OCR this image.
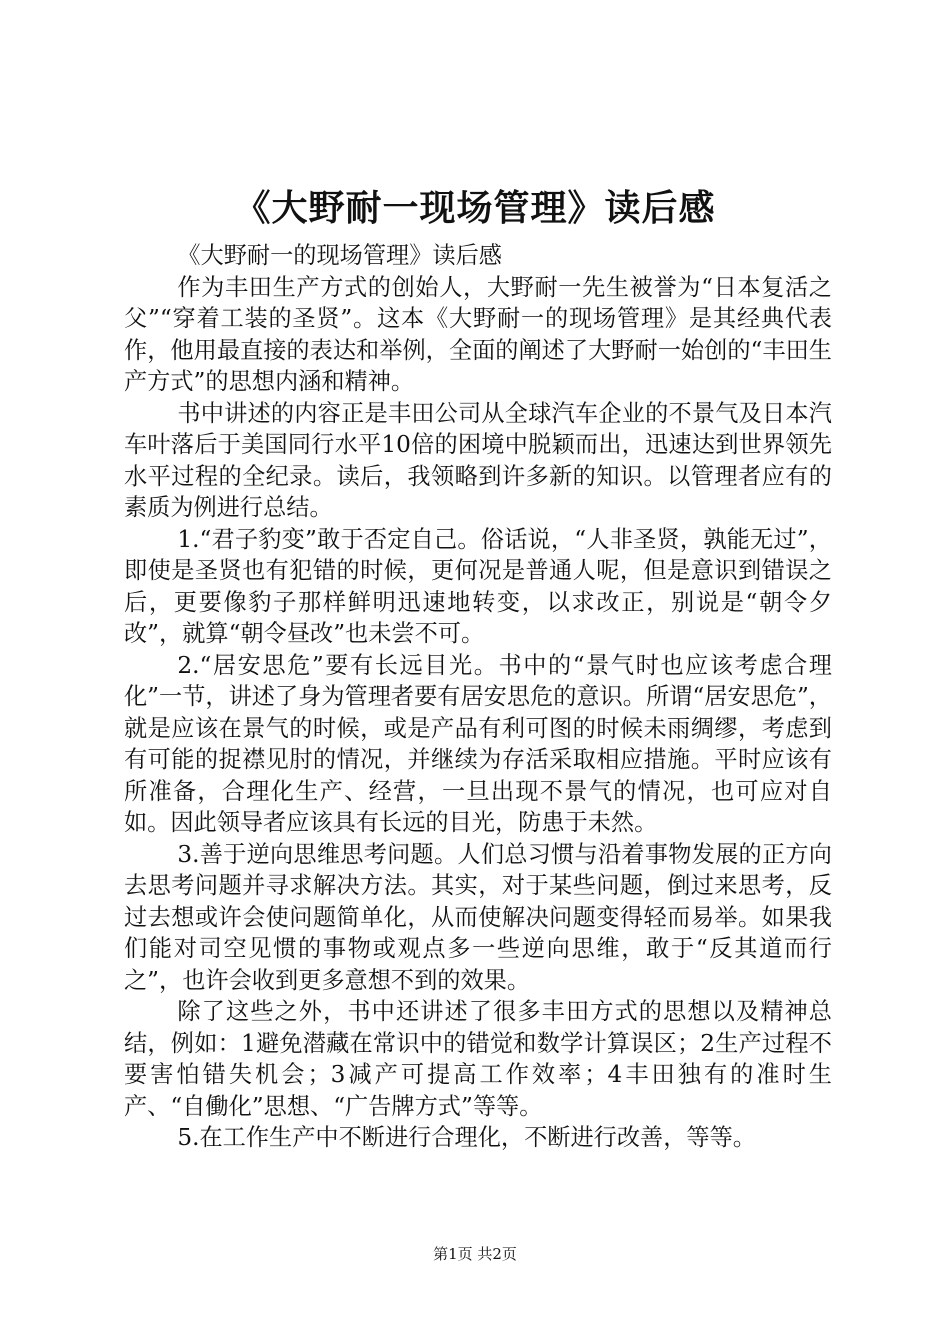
《大野耐一现场管理》读后感

《大野耐一的现场管理》读后感

作为丰田生产方式的创始人，大野耐一先生被誉为“日本复活之父”“穿着工装的圣贤”。这本《大野耐一的现场管理》是其经典代表作，他用最直接的表达和举例，全面的阐述了大野耐一始创的“丰田生产方式”的思想内涵和精神。

书中讲述的内容正是丰田公司从全球汽车企业的不景气及日本汽车叶落后于美国同行水平10倍的困境中脱颖而出，迅速达到世界领先水平过程的全纪录。读后，我领略到许多新的知识。以管理者应有的素质为例进行总结。

1.“君子豹变”敢于否定自己。俗话说，“人非圣贤，孰能无过”，即使是圣贤也有犯错的时候，更何况是普通人呢，但是意识到错误之后，更要像豹子那样鲜明迅速地转变，以求改正，别说是“朝令夕改”，就算“朝令昼改”也未尝不可。

2.“居安思危”要有长远目光。书中的“景气时也应该考虑合理化”一节，讲述了身为管理者要有居安思危的意识。所谓“居安思危”，就是应该在景气的时候，或是产品有利可图的时候未雨绸缪，考虑到有可能的捉襟见肘的情况，并继续为存活采取相应措施。平时应该有所准备，合理化生产、经营，一旦出现不景气的情况，也可应对自如。因此领导者应该具有长远的目光，防患于未然。

3.善于逆向思维思考问题。人们总习惯与沿着事物发展的正方向去思考问题并寻求解决方法。其实，对于某些问题，倒过来思考，反过去想或许会使问题简单化，从而使解决问题变得轻而易举。如果我们能对司空见惯的事物或观点多一些逆向思维，敢于“反其道而行之”，也许会收到更多意想不到的效果。

除了这些之外，书中还讲述了很多丰田方式的思想以及精神总结，例如：1避免潜藏在常识中的错觉和数学计算误区；2生产过程不要害怕错失机会；3减产可提高工作效率；4丰田独有的准时生产、“自働化”思想、“广告牌方式”等等。

5.在工作生产中不断进行合理化，不断进行改善，等等。

第1页 共2页
